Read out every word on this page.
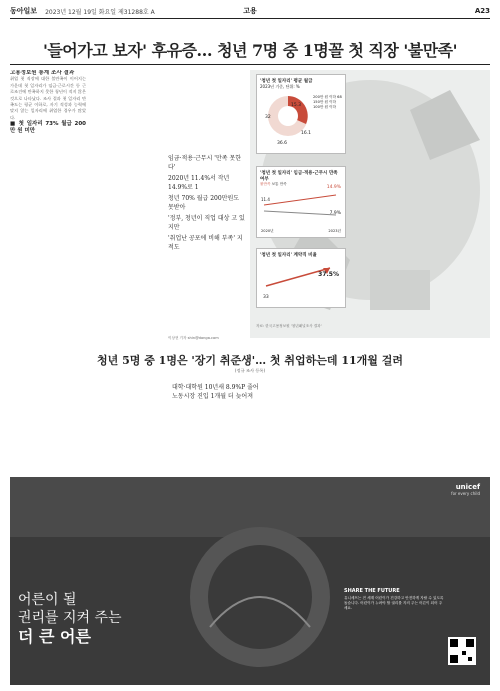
동아일보 2023년 12월 19일 화요일 제31288호 A	고용	A23
'들어가고 보자' 후유증… 청년 7명 중 1명꼴 첫 직장 '불만족'

고용정보원 통계 조사 결과

취업 첫 직장에 대한 불만족이 이어지는 가운데 첫 일자리가 임금·근로시간 등 근로조건에 만족하지 못한 청년이 적지 않은 것으로 나타났다. 조사 결과 첫 일자리 만족도는 평균 이하로, 자기 적성과 능력에 맞지 않는 일자리에 취업한 경우가 많았다.

■ 첫 일자리 73% 월급 200만 원 미만

임금·적용·근무시 '만족 못한다'

2020년 11.4%서 작년 14.9%로 1

청년 70% 월급 200만원도 못받아

'정부, 청년이 직업 대상 고 있지만

'취업난 공포에 비해 부족' 지적도

'청년 첫 일자리' 평균 월급
2023년 기준, 단위: %
200만 원 이하 68
150만 원 이하
100만 원 이하
32
15.3
36.6
16.1
'청년 첫 일자리' 임금·적용·근무시 만족 여부
불만족 보통 만족
14.9%
11.4
7.9%
2020년	2023년
'청년 첫 일자리' 계약직 비율
33
37.5%
자료: 한국고용정보원 '청년패널조사 결과'
이상현 기자 shin@donga.com
청년 5명 중 1명은 '장기 취준생'… 첫 취업하는데 11개월 걸려
(정규 조사 등록)
대학·대학원 10년새 8.9%P 줄어
노동시장 진입 1개월 더 늦어져
unicef
for every child
어른이 될
권리를 지켜 주는
더 큰 어른
SHARE THE FUTURE
유니세프는 전 세계 어린이가 건강하고 안전하게 자랄 수 있도록 돕습니다. 어린이가 누려야 할 권리를 지켜 주는 어른이 되어 주세요.
